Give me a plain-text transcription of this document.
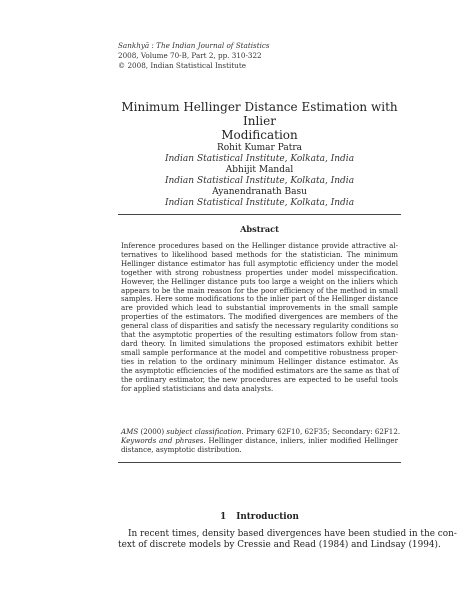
Sankhyā : The Indian Journal of Statistics
2008, Volume 70-B, Part 2, pp. 310-322
© 2008, Indian Statistical Institute
Minimum Hellinger Distance Estimation with Inlier
Modification
Rohit Kumar Patra
Indian Statistical Institute, Kolkata, India
Abhijit Mandal
Indian Statistical Institute, Kolkata, India
Ayanendranath Basu
Indian Statistical Institute, Kolkata, India
Abstract
Inference procedures based on the Hellinger distance provide attractive al-
ternatives to likelihood based methods for the statistician. The minimum
Hellinger distance estimator has full asymptotic efficiency under the model
together with strong robustness properties under model misspecification.
However, the Hellinger distance puts too large a weight on the inliers which
appears to be the main reason for the poor efficiency of the method in small
samples. Here some modifications to the inlier part of the Hellinger distance
are provided which lead to substantial improvements in the small sample
properties of the estimators. The modified divergences are members of the
general class of disparities and satisfy the necessary regularity conditions so
that the asymptotic properties of the resulting estimators follow from stan-
dard theory. In limited simulations the proposed estimators exhibit better
small sample performance at the model and competitive robustness proper-
ties in relation to the ordinary minimum Hellinger distance estimator. As
the asymptotic efficiencies of the modified estimators are the same as that of
the ordinary estimator, the new procedures are expected to be useful tools
for applied statisticians and data analysts.
AMS (2000) subject classification. Primary 62F10, 62F35; Secondary: 62F12.
Keywords and phrases. Hellinger distance, inliers, inlier modified Hellinger
distance, asymptotic distribution.
1 Introduction
In recent times, density based divergences have been studied in the con-
text of discrete models by Cressie and Read (1984) and Lindsay (1994).
